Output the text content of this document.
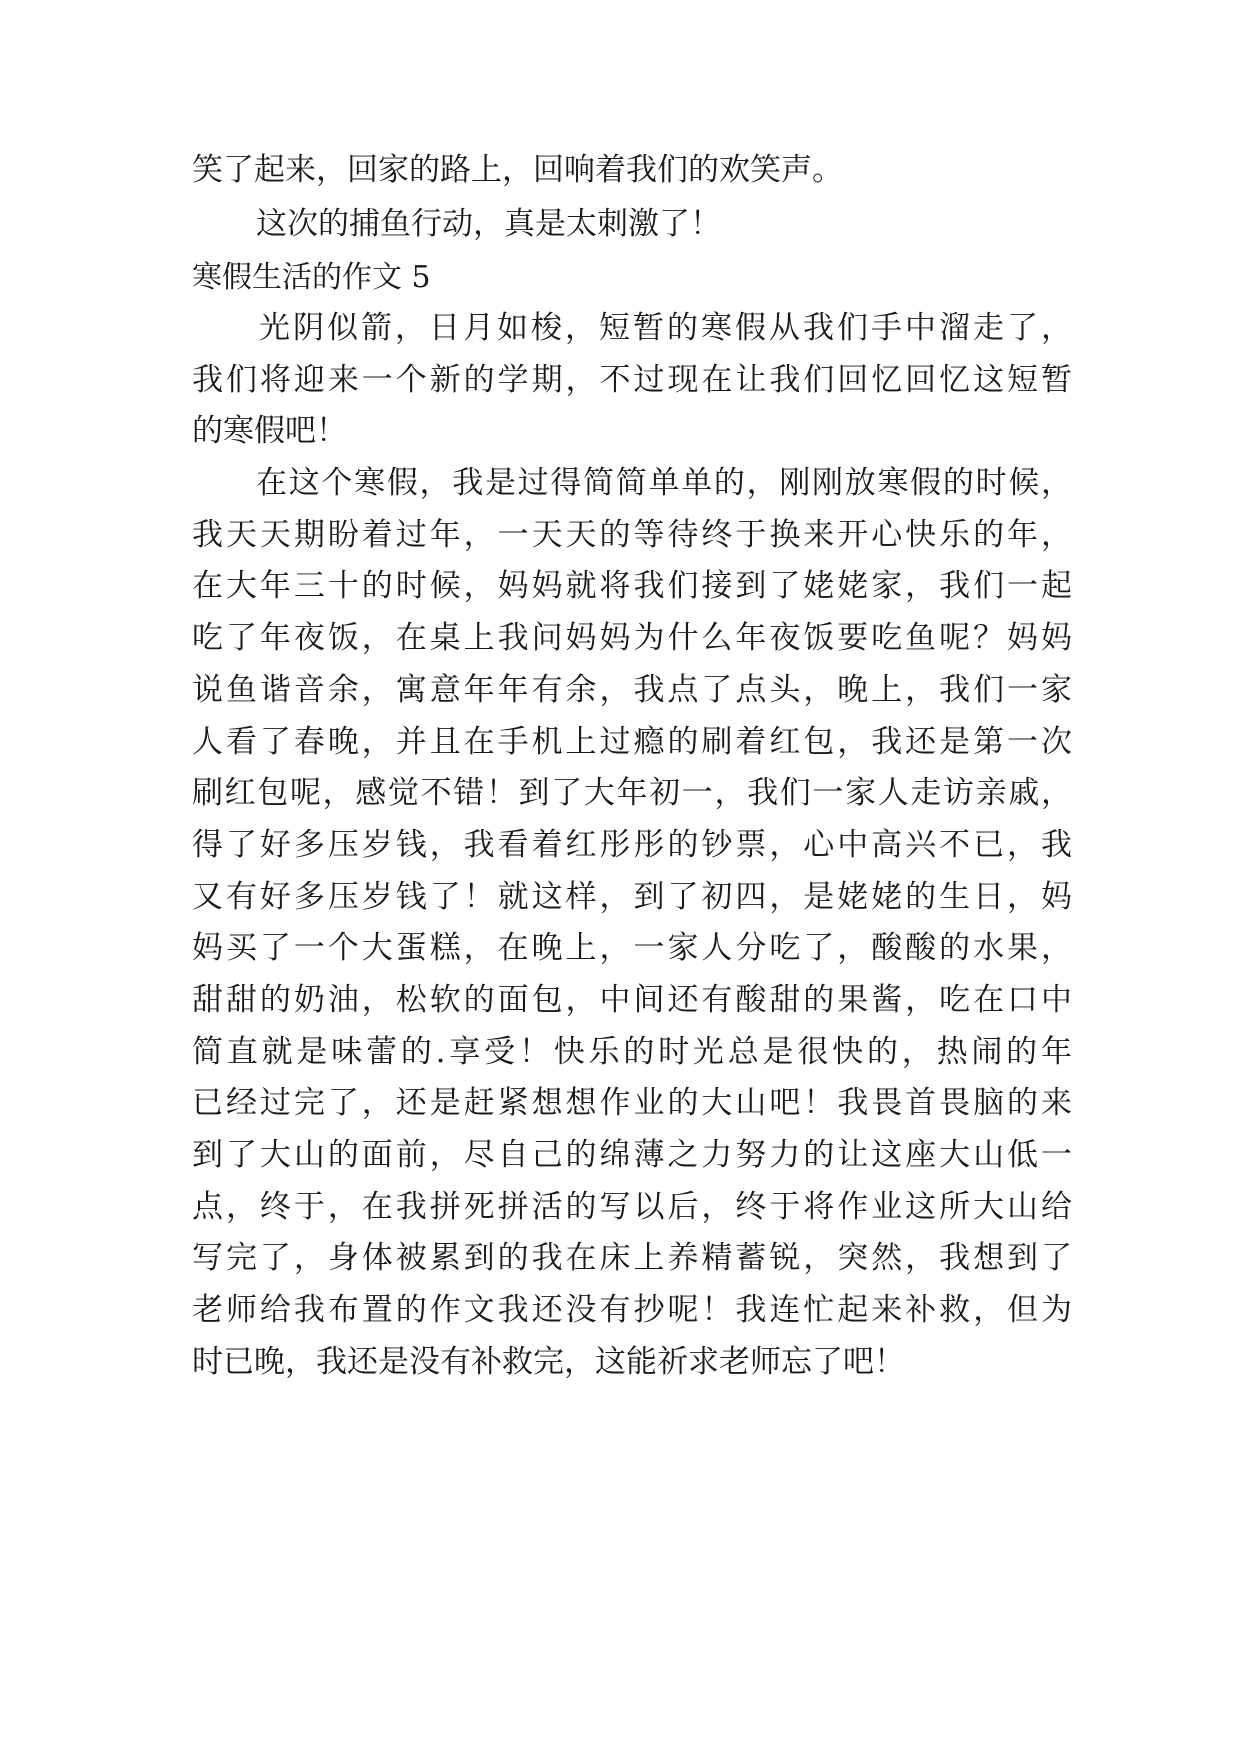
笑了起来，回家的路上，回响着我们的欢笑声。
这次的捕鱼行动，真是太刺激了！
寒假生活的作文 5
光阴似箭，日月如梭，短暂的寒假从我们手中溜走了，
我们将迎来一个新的学期，不过现在让我们回忆回忆这短暂
的寒假吧！
在这个寒假，我是过得简简单单的，刚刚放寒假的时候，
我天天期盼着过年，一天天的等待终于换来开心快乐的年，
在大年三十的时候，妈妈就将我们接到了姥姥家，我们一起
吃了年夜饭，在桌上我问妈妈为什么年夜饭要吃鱼呢？妈妈
说鱼谐音余，寓意年年有余，我点了点头，晚上，我们一家
人看了春晚，并且在手机上过瘾的刷着红包，我还是第一次
刷红包呢，感觉不错！到了大年初一，我们一家人走访亲戚，
得了好多压岁钱，我看着红彤彤的钞票，心中高兴不已，我
又有好多压岁钱了！就这样，到了初四，是姥姥的生日，妈
妈买了一个大蛋糕，在晚上，一家人分吃了，酸酸的水果，
甜甜的奶油，松软的面包，中间还有酸甜的果酱，吃在口中
简直就是味蕾的.享受！快乐的时光总是很快的，热闹的年
已经过完了，还是赶紧想想作业的大山吧！我畏首畏脑的来
到了大山的面前，尽自己的绵薄之力努力的让这座大山低一
点，终于，在我拼死拼活的写以后，终于将作业这所大山给
写完了，身体被累到的我在床上养精蓄锐，突然，我想到了
老师给我布置的作文我还没有抄呢！我连忙起来补救，但为
时已晚，我还是没有补救完，这能祈求老师忘了吧！
